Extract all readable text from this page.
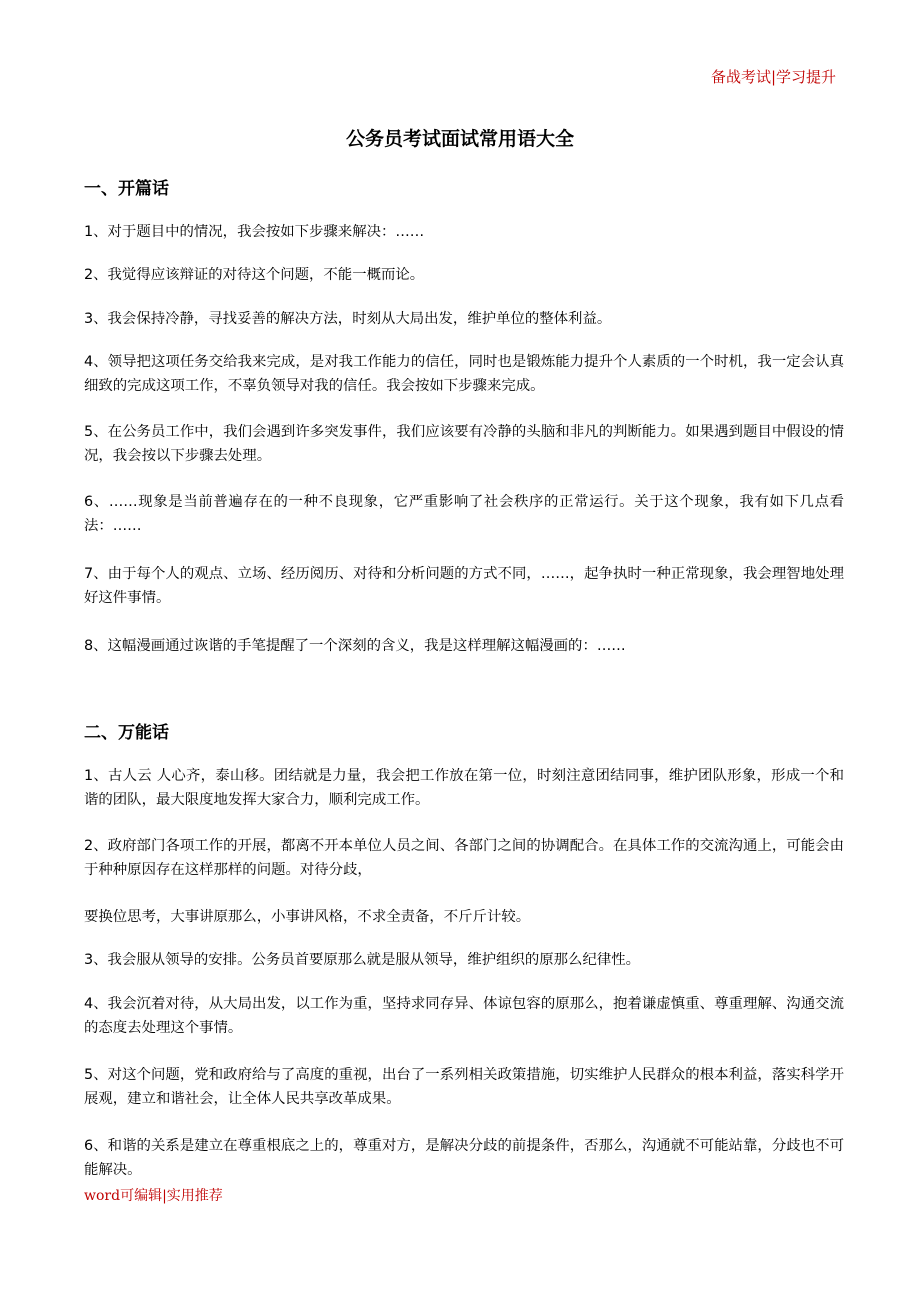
备战考试|学习提升
公务员考试面试常用语大全

一、开篇话

1、对于题目中的情况，我会按如下步骤来解决：……

2、我觉得应该辩证的对待这个问题，不能一概而论。

3、我会保持冷静，寻找妥善的解决方法，时刻从大局出发，维护单位的整体利益。

4、领导把这项任务交给我来完成，是对我工作能力的信任，同时也是锻炼能力提升个人素质的一个时机，我一定会认真细致的完成这项工作，不辜负领导对我的信任。我会按如下步骤来完成。

5、在公务员工作中，我们会遇到许多突发事件，我们应该要有冷静的头脑和非凡的判断能力。如果遇到题目中假设的情况，我会按以下步骤去处理。

6、……现象是当前普遍存在的一种不良现象，它严重影响了社会秩序的正常运行。关于这个现象，我有如下几点看法：……

7、由于每个人的观点、立场、经历阅历、对待和分析问题的方式不同，……，起争执时一种正常现象，我会理智地处理好这件事情。

8、这幅漫画通过诙谐的手笔提醒了一个深刻的含义，我是这样理解这幅漫画的：……

二、万能话

1、古人云 人心齐，泰山移。团结就是力量，我会把工作放在第一位，时刻注意团结同事，维护团队形象，形成一个和谐的团队，最大限度地发挥大家合力，顺利完成工作。

2、政府部门各项工作的开展，都离不开本单位人员之间、各部门之间的协调配合。在具体工作的交流沟通上，可能会由于种种原因存在这样那样的问题。对待分歧，

要换位思考，大事讲原那么，小事讲风格，不求全责备，不斤斤计较。

3、我会服从领导的安排。公务员首要原那么就是服从领导，维护组织的原那么纪律性。

4、我会沉着对待，从大局出发，以工作为重，坚持求同存异、体谅包容的原那么，抱着谦虚慎重、尊重理解、沟通交流的态度去处理这个事情。

5、对这个问题，党和政府给与了高度的重视，出台了一系列相关政策措施，切实维护人民群众的根本利益，落实科学开展观，建立和谐社会，让全体人民共享改革成果。

6、和谐的关系是建立在尊重根底之上的，尊重对方，是解决分歧的前提条件，否那么，沟通就不可能站靠，分歧也不可能解决。

word可编辑|实用推荐
